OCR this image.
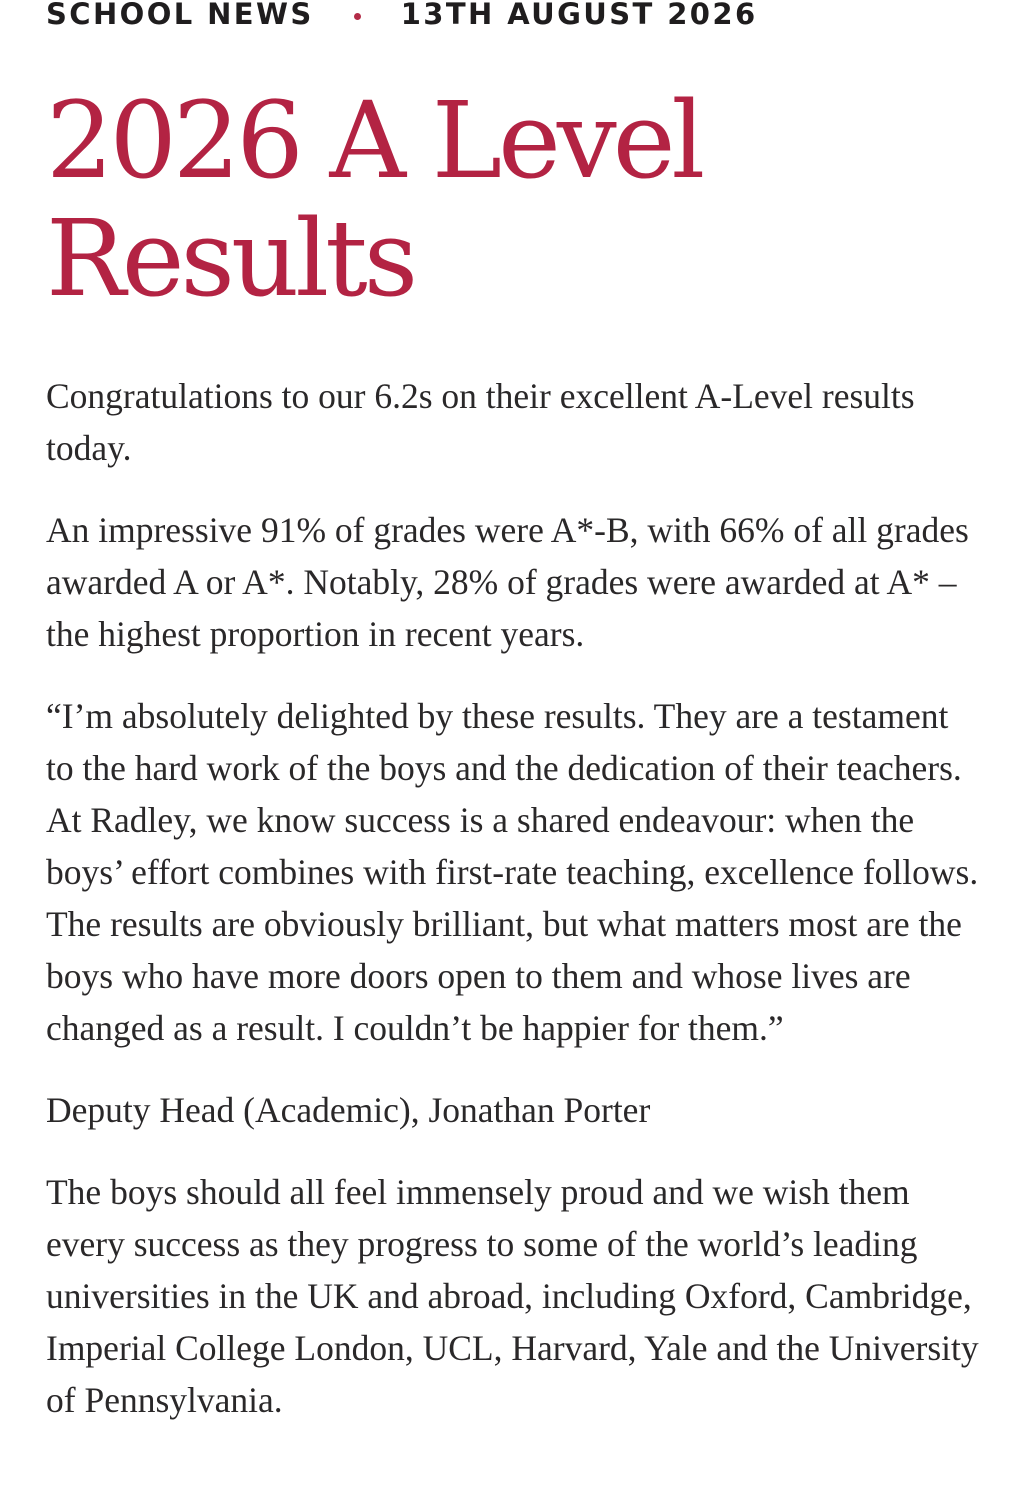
SCHOOL NEWS	13TH AUGUST 2026
2026 A Level
Results

Congratulations to our 6.2s on their excellent A-Level results today.

An impressive 91% of grades were A*-B, with 66% of all grades awarded A or A*. Notably, 28% of grades were awarded at A* – the highest proportion in recent years.

“I’m absolutely delighted by these results. They are a testament to the hard work of the boys and the dedication of their teachers. At Radley, we know success is a shared endeavour: when the boys’ effort combines with first-rate teaching, excellence follows. The results are obviously brilliant, but what matters most are the boys who have more doors open to them and whose lives are changed as a result. I couldn’t be happier for them.”

Deputy Head (Academic), Jonathan Porter

The boys should all feel immensely proud and we wish them every success as they progress to some of the world’s leading universities in the UK and abroad, including Oxford, Cambridge, Imperial College London, UCL, Harvard, Yale and the University of Pennsylvania.
